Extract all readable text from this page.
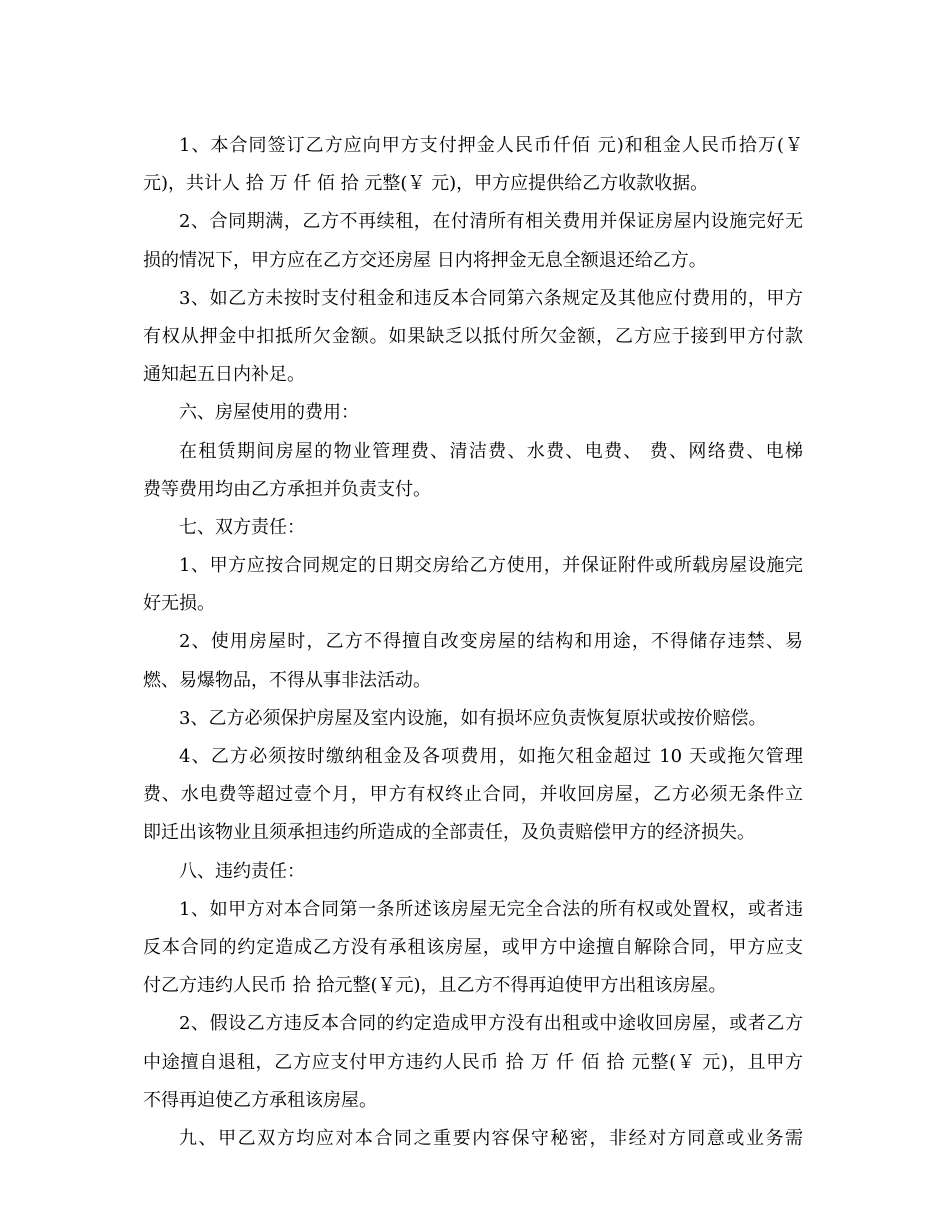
1、本合同签订乙方应向甲方支付押金人民币仟佰 元)和租金人民币拾万(￥
元)，共计人 拾 万 仟 佰 拾 元整(￥ 元)，甲方应提供给乙方收款收据。
2、合同期满，乙方不再续租，在付清所有相关费用并保证房屋内设施完好无
损的情况下，甲方应在乙方交还房屋 日内将押金无息全额退还给乙方。
3、如乙方未按时支付租金和违反本合同第六条规定及其他应付费用的，甲方
有权从押金中扣抵所欠金额。如果缺乏以抵付所欠金额，乙方应于接到甲方付款
通知起五日内补足。
六、房屋使用的费用：
在租赁期间房屋的物业管理费、清洁费、水费、电费、 费、网络费、电梯
费等费用均由乙方承担并负责支付。
七、双方责任：
1、甲方应按合同规定的日期交房给乙方使用，并保证附件或所载房屋设施完
好无损。
2、使用房屋时，乙方不得擅自改变房屋的结构和用途，不得储存违禁、易
燃、易爆物品，不得从事非法活动。
3、乙方必须保护房屋及室内设施，如有损坏应负责恢复原状或按价赔偿。
4、乙方必须按时缴纳租金及各项费用，如拖欠租金超过 10 天或拖欠管理
费、水电费等超过壹个月，甲方有权终止合同，并收回房屋，乙方必须无条件立
即迁出该物业且须承担违约所造成的全部责任，及负责赔偿甲方的经济损失。
八、违约责任：
1、如甲方对本合同第一条所述该房屋无完全合法的所有权或处置权，或者违
反本合同的约定造成乙方没有承租该房屋，或甲方中途擅自解除合同，甲方应支
付乙方违约人民币 拾 拾元整(￥元)，且乙方不得再迫使甲方出租该房屋。
2、假设乙方违反本合同的约定造成甲方没有出租或中途收回房屋，或者乙方
中途擅自退租，乙方应支付甲方违约人民币 拾 万 仟 佰 拾 元整(￥ 元)，且甲方
不得再迫使乙方承租该房屋。
九、甲乙双方均应对本合同之重要内容保守秘密，非经对方同意或业务需
